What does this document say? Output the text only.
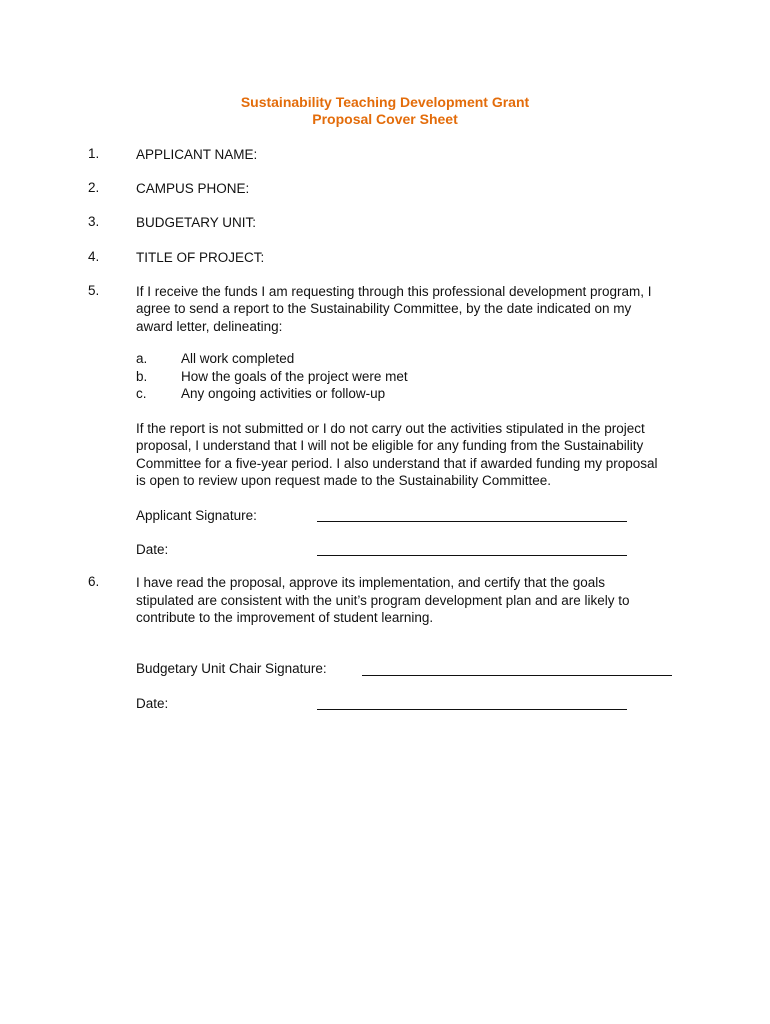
Sustainability Teaching Development Grant
Proposal Cover Sheet
1.	APPLICANT NAME:
2.	CAMPUS PHONE:
3.	BUDGETARY UNIT:
4.	TITLE OF PROJECT:
5.	If I receive the funds I am requesting through this professional development program, I
agree to send a report to the Sustainability Committee, by the date indicated on my
award letter, delineating:
a. All work completed
b. How the goals of the project were met
c.	Any ongoing activities or follow-up
If the report is not submitted or I do not carry out the activities stipulated in the project
proposal, I understand that I will not be eligible for any funding from the Sustainability
Committee for a five-year period. I also understand that if awarded funding my proposal
is open to review upon request made to the Sustainability Committee.
Applicant Signature:
Date:
6.	I have read the proposal, approve its implementation, and certify that the goals
stipulated are consistent with the unit’s program development plan and are likely to
contribute to the improvement of student learning.
Budgetary Unit Chair Signature:
Date:
